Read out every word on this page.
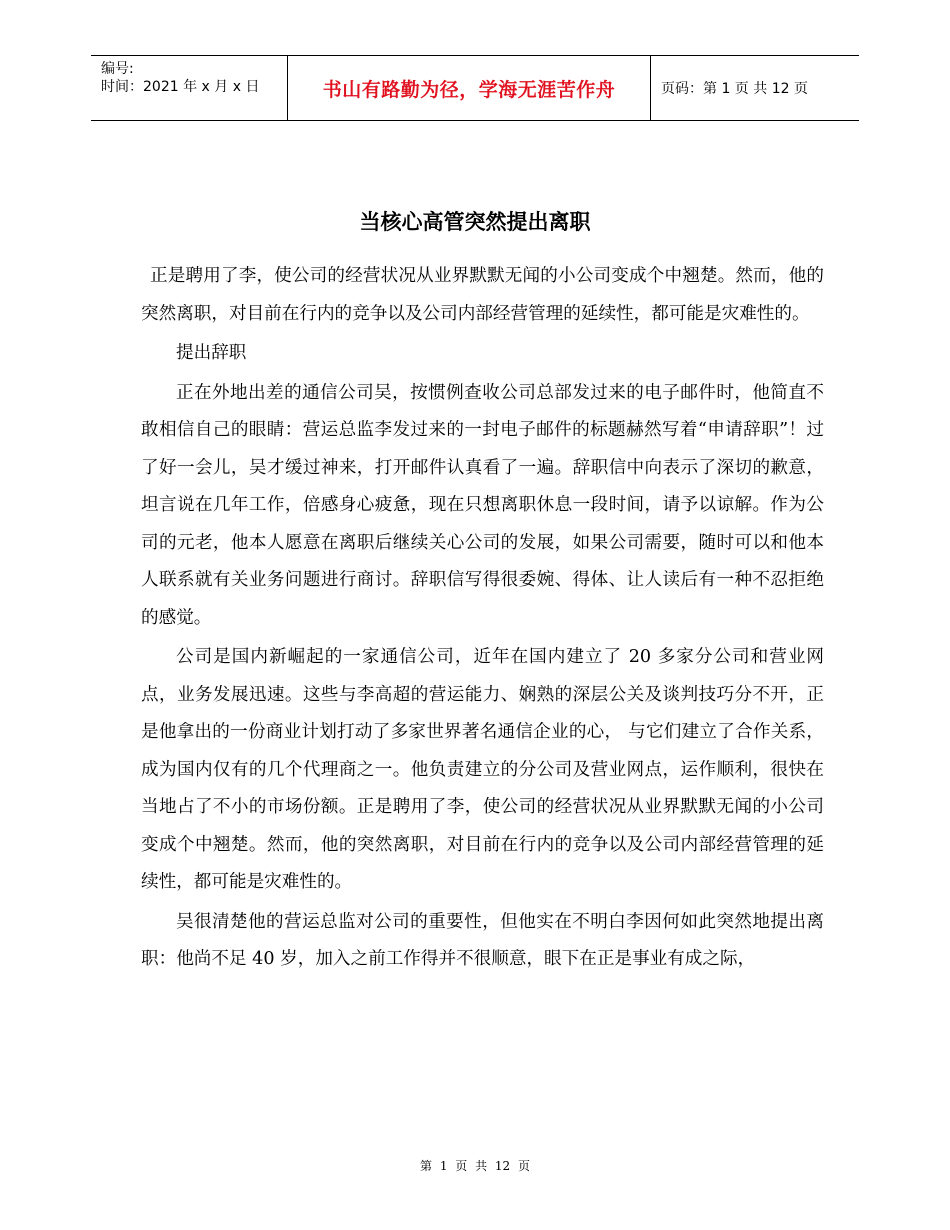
编号:
时间：2021 年 x 月 x 日	书山有路勤为径，学海无涯苦作舟	页码：第 1 页 共 12 页
当核心高管突然提出离职

正是聘用了李，使公司的经营状况从业界默默无闻的小公司变成个中翘楚。然而，他的突然离职，对目前在行内的竞争以及公司内部经营管理的延续性，都可能是灾难性的。

提出辞职

正在外地出差的通信公司吴，按惯例查收公司总部发过来的电子邮件时，他简直不敢相信自己的眼睛：营运总监李发过来的一封电子邮件的标题赫然写着“申请辞职”！过了好一会儿，吴才缓过神来，打开邮件认真看了一遍。辞职信中向表示了深切的歉意，坦言说在几年工作，倍感身心疲惫，现在只想离职休息一段时间，请予以谅解。作为公司的元老，他本人愿意在离职后继续关心公司的发展，如果公司需要，随时可以和他本人联系就有关业务问题进行商讨。辞职信写得很委婉、得体、让人读后有一种不忍拒绝的感觉。

公司是国内新崛起的一家通信公司，近年在国内建立了 20 多家分公司和营业网点，业务发展迅速。这些与李高超的营运能力、娴熟的深层公关及谈判技巧分不开，正是他拿出的一份商业计划打动了多家世界著名通信企业的心， 与它们建立了合作关系，成为国内仅有的几个代理商之一。他负责建立的分公司及营业网点，运作顺利，很快在当地占了不小的市场份额。正是聘用了李，使公司的经营状况从业界默默无闻的小公司变成个中翘楚。然而，他的突然离职，对目前在行内的竞争以及公司内部经营管理的延续性，都可能是灾难性的。

吴很清楚他的营运总监对公司的重要性，但他实在不明白李因何如此突然地提出离职：他尚不足 40 岁，加入之前工作得并不很顺意，眼下在正是事业有成之际，

第 1 页 共 12 页
